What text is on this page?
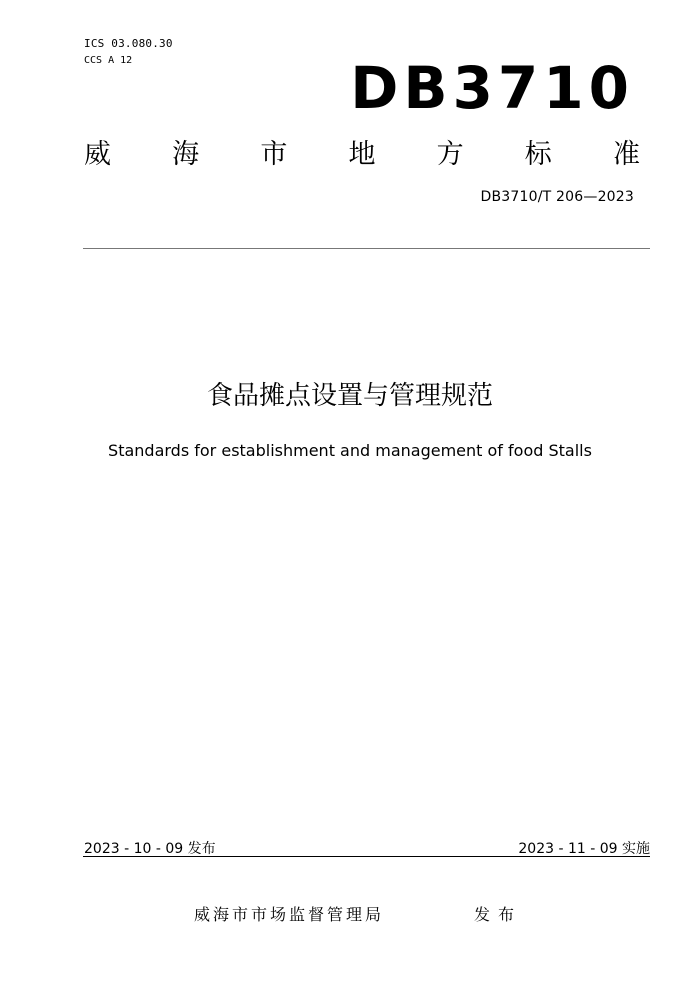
ICS 03.080.30
CCS A 12	DB3710
威 海 市 地 方 标 准
DB3710/T 206—2023
食品摊点设置与管理规范
Standards for establishment and management of food Stalls
2023 - 10 - 09 发布	2023 - 11 - 09 实施
威海市市场监督管理局	发布
